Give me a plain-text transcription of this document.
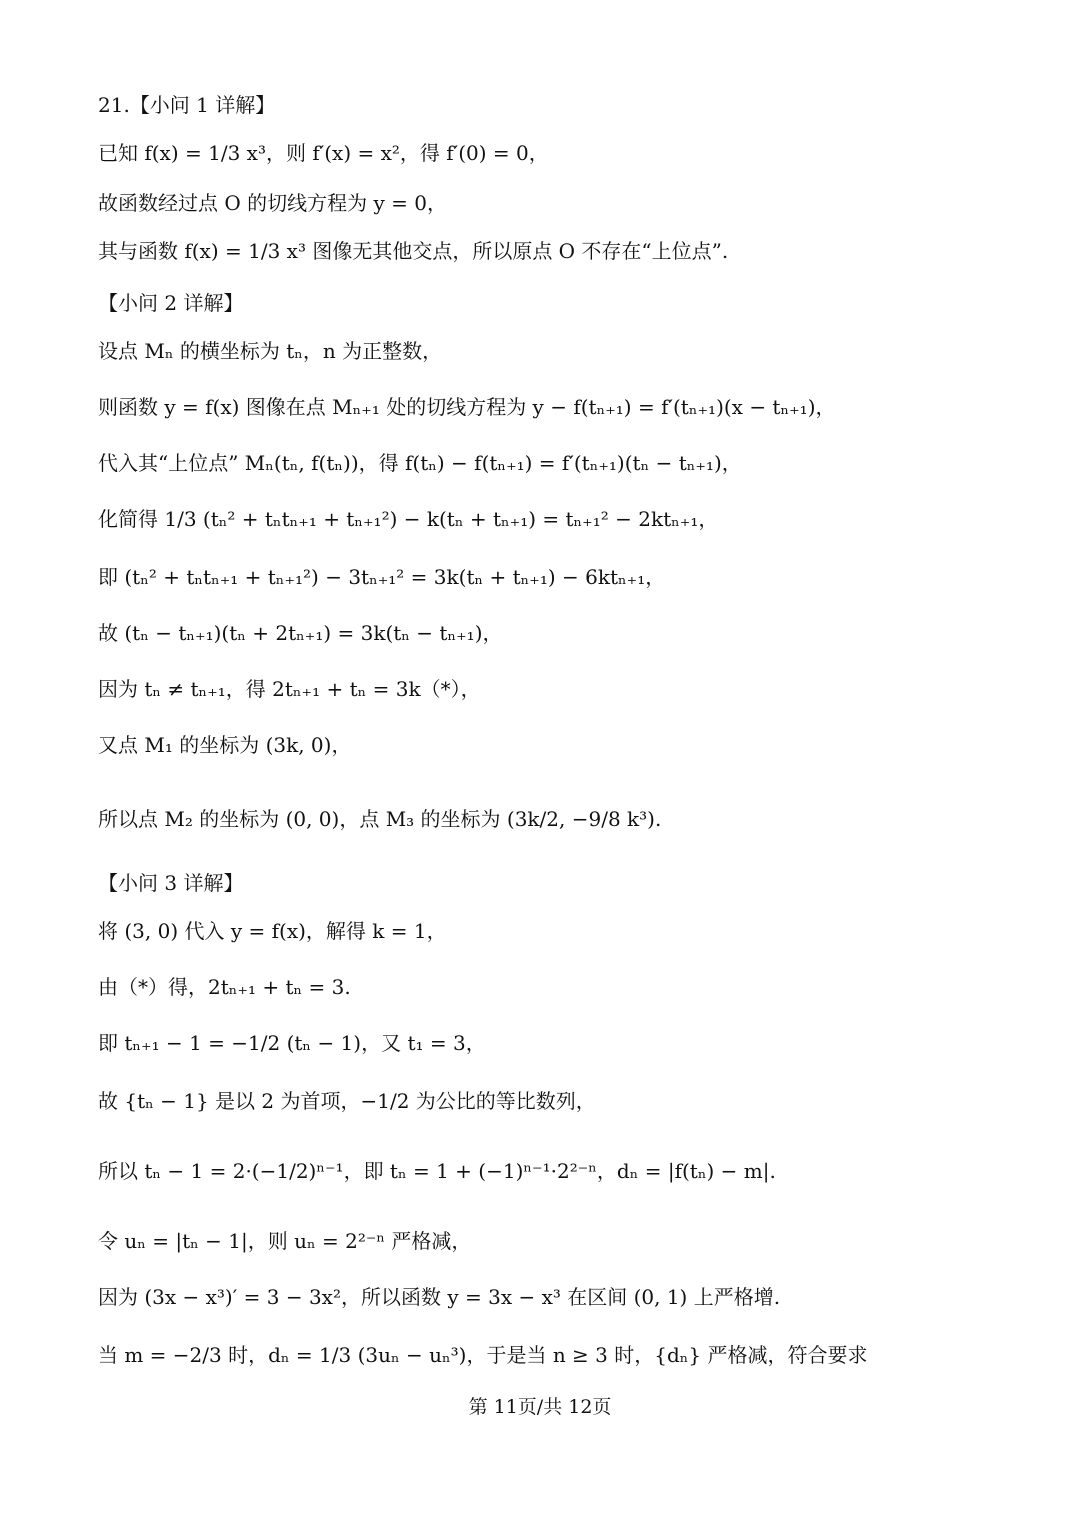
21.【小问 1 详解】
已知 f(x) = 1/3 x³，则 f′(x) = x²，得 f′(0) = 0，
故函数经过点 O 的切线方程为 y = 0，
其与函数 f(x) = 1/3 x³ 图像无其他交点，所以原点 O 不存在“上位点”.
【小问 2 详解】
设点 Mₙ 的横坐标为 tₙ，n 为正整数，
则函数 y = f(x) 图像在点 Mₙ₊₁ 处的切线方程为 y − f(tₙ₊₁) = f′(tₙ₊₁)(x − tₙ₊₁)，
代入其“上位点” Mₙ(tₙ, f(tₙ))，得 f(tₙ) − f(tₙ₊₁) = f′(tₙ₊₁)(tₙ − tₙ₊₁)，
化简得 1/3 (tₙ² + tₙtₙ₊₁ + tₙ₊₁²) − k(tₙ + tₙ₊₁) = tₙ₊₁² − 2ktₙ₊₁，
即 (tₙ² + tₙtₙ₊₁ + tₙ₊₁²) − 3tₙ₊₁² = 3k(tₙ + tₙ₊₁) − 6ktₙ₊₁，
故 (tₙ − tₙ₊₁)(tₙ + 2tₙ₊₁) = 3k(tₙ − tₙ₊₁)，
因为 tₙ ≠ tₙ₊₁，得 2tₙ₊₁ + tₙ = 3k（*），
又点 M₁ 的坐标为 (3k, 0)，
所以点 M₂ 的坐标为 (0, 0)，点 M₃ 的坐标为 (3k/2, −9/8 k³).
【小问 3 详解】
将 (3, 0) 代入 y = f(x)，解得 k = 1，
由（*）得，2tₙ₊₁ + tₙ = 3.
即 tₙ₊₁ − 1 = −1/2 (tₙ − 1)，又 t₁ = 3，
故 {tₙ − 1} 是以 2 为首项，−1/2 为公比的等比数列，
所以 tₙ − 1 = 2·(−1/2)ⁿ⁻¹，即 tₙ = 1 + (−1)ⁿ⁻¹·2²⁻ⁿ，dₙ = |f(tₙ) − m|.
令 uₙ = |tₙ − 1|，则 uₙ = 2²⁻ⁿ 严格减，
因为 (3x − x³)′ = 3 − 3x²，所以函数 y = 3x − x³ 在区间 (0, 1) 上严格增.
当 m = −2/3 时，dₙ = 1/3 (3uₙ − uₙ³)，于是当 n ≥ 3 时，{dₙ} 严格减，符合要求
第 11页/共 12页
